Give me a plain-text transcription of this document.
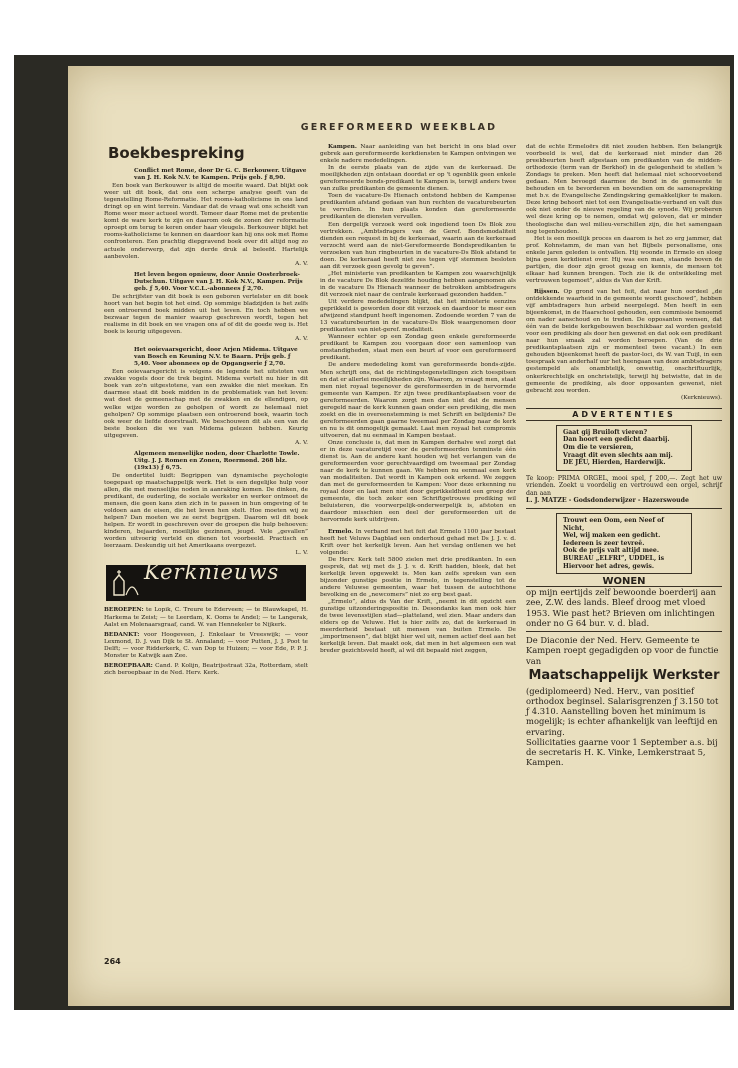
GEREFORMEERD WEEKBLAD
Boekbespreking
Conflict met Rome, door Dr G. C. Berkouwer. Uitgave van J. H. Kok N.V. te Kampen. Prijs geb. ƒ 8,90.

Een boek van Berkouwer is altijd de moeite waard. Dat blijkt ook weer uit dit boek, dat ons een scherpe analyse geeft van de tegenstelling Rome-Reformatie. Het rooms-katholicisme in ons land dringt op en wint terrein. Vandaar dat de vraag wat ons scheidt van Rome weer meer actueel wordt. Temeer daar Rome met de pretentie komt de ware kerk te zijn en daarom ook de zonen der reformatie oproept om terug te keren onder haar vleugels. Berkouwer blijkt het rooms-katholicisme te kennen en daardoor kan hij ons ook met Rome confronteren. Een prachtig diepgravend boek over dit altijd nog zo actuele onderwerp, dat zijn derde druk al beleefd. Hartelijk aanbevolen.

A. V.
Het leven begon opnieuw, door Annie Oosterbroek-Dutschun. Uitgave van J. H. Kok N.V., Kampen. Prijs geb. ƒ 5,40. Voor V.C.L.-abonnees ƒ 2,70.

De schrijfster van dit boek is een geboren vertelster en dit boek hoort van het begin tot het eind. Op sommige bladzijden is het zelfs een ontroerend boek midden uit het leven. En toch hebben we bezwaar tegen de manier waarop geschreven wordt, tegen het realisme in dit boek en we vragen ons af of dit de goede weg is. Het boek is keurig uitgegeven.

A. V.
Het ooievaarsgericht, door Arjen Midema. Uitgave van Bosch en Keuning N.V. te Baarn. Prijs geb. ƒ 5,40. Voor abonnees op de Opgangserie ƒ 2,70.

Een ooievaarsgericht is volgens de legende het uitstoten van zwakke vogels door de trek begint. Midema vertelt nu hier in dit boek van zo'n uitgestotene, van een zwakke die niet meekan. En daarmee staat dit boek midden in de problematiek van het leven: wat doet de gemeenschap met de zwakken en de ellendigen, op welke wijze worden ze geholpen of wordt ze helemaal niet geholpen? Op sommige plaatsen een ontroerend boek, waarin toch ook weer de liefde doorstraalt. We beschouwen dit als een van de beste boeken die we van Midema gelezen hebben. Keurig uitgegeven.

A. V.
Algemeen menselijke noden, door Charlotte Towle. Uitg. J. J. Romen en Zonen, Roermond. 268 blz. (19x13) ƒ 6,75.

De ondertitel luidt: Begrippen van dynamische psychologie toegepast op maatschappelijk werk. Het is een degelijke hulp voor allen, die met menselijke noden in aanraking komen. De dinken, de predikant, de ouderling, de sociale werkster en werker ontmoet de mensen, die geen kans zien zich in te passen in hun omgeving of te voldoen aan de eisen, die het leven hen stelt. Hoe moeten wij ze helpen? Dan moeten we ze eerst begrijpen. Daarom wil dit boek helpen. Er wordt in geschreven over de groepen die hulp behoeven: kinderen, bejaarden, moeilijke gezinnen, jeugd. Vele „gevallen” worden uitvoerig verteld en dienen tot voorbeeld. Practisch en leerzaam. Deskundig uit het Amerikaans overgezet.

L. V.
Kerknieuws
BEROEPEN: te Lopik, C. Treure te Ederveen; — te Blauwkapel, H. Harkema te Zeist; — te Leerdam, K. Ooms te Andel; — te Langerak, Aalst en Molenaarsgraaf, cand. W. van Hennekeler te Nijkerk.
BEDANKT: voor Hoogeveen, J. Enkelaar te Vreeswijk; — voor Lexmond, D. J. van Dijk te St. Annaland; — voor Putten, J. J. Poot te Delft; — voor Ridderkerk, C. van Dop te Huizen; — voor Ede, P. P. J. Monster te Katwijk aan Zee.
BEROEPBAAR: Cand. P. Kolijn, Beatrijsstraat 32a, Rotterdam, stelt zich beroepbaar in de Ned. Herv. Kerk.

Kampen. Naar aanleiding van het bericht in ons blad over gebrek aan gereformeerde kerkdiensten te Kampen ontvingen we enkele nadere mededelingen.

In de eerste plaats van de zijde van de kerkeraad. De moeilijkheden zijn ontstaan doordat er op 't ogenblik geen enkele gereformeerde bonds-predikant te Kampen is, terwijl anders twee van zulke predikanten de gemeente dienen.

Toen de vacature-Ds Hienach ontstond hebben de Kampense predikanten afstand gedaan van hun rechten de vacaturebeurten te vervullen. In hun plaats konden dan gereformeerde predikanten de diensten vervullen.

Een dergelijk verzoek werd ook ingediend toen Ds Blok zou vertrekken. „Ambtsdragers van de Geref. Bondsmodaliteit dienden een request in bij de kerkeraad, waarin aan de kerkeraad verzocht werd aan de niet-Gereformeerde Bondspredikanten te verzoeken van hun ringbeurten in de vacature-Ds Blok afstand te doen. De kerkeraad heeft niet zes tegen vijf stemmen besloten aan dit verzoek geen gevolg te geven”.

„Het ministerie van predikanten te Kampen zou waarschijnlijk in de vacature Ds Blok dezelfde houding hebben aangenomen als in de vacature Ds Hienach wanneer de betrokken ambtsdragers dit verzoek niet naar de centrale kerkeraad gezonden hadden.”

Uit verdere mededelingen blijkt, dat het ministerie eenzins geprikkeld is geworden door dit verzoek en daardoor te meer een afwijzend standpunt heeft ingenomen. Zodoende worden 7 van de 13 vacaturebeurten in de vacature-Ds Blok waargenomen door predikanten van niet-geref. modaliteit.

Wanneer echter op een Zondag geen enkele gereformeerde predikant te Kampen zou voorgaan door een samenloop van omstandigheden, staat men een beurt af voor een gereformeerd predikant.

De andere mededeling komt van gereformeerde bonds-zijde. Men schrijft ons, dat de richtingstegenstellingen zich toespitsen en dat er allerlei moeilijkheden zijn. Waarom, zo vraagt men, staat men niet royaal tegenover de gereformeerden in de hervormde gemeente van Kampen. Er zijn twee predikantsplaatsen voor de gereformeerden. Waarom zorgt men dan niet dat de mensen geregeld naar de kerk kunnen gaan onder een prediking, die men zoekt en die in overeenstemming is met Schrift en belijdenis? De gereformeerden gaan gaarne tweemaal per Zondag naar de kerk en nu is dit onmogelijk gemaakt. Laat men royaal het compromis uitvoeren, dat nu eenmaal in Kampen bestaat.

Onze conclusie is, dat men in Kampen derhalve wel zorgt dat er in deze vacaturetijd voor de gereformeerden tenminste één dienst is. Aan de andere kant houden wij het verlangen van de gereformeerden voor gerechtvaardigd om tweemaal per Zondag naar de kerk te kunnen gaan. We hebben nu eenmaal een kerk van modaliteiten. Dat wordt in Kampen ook erkend. We zeggen dan met de gereformeerden te Kampen: Voor deze erkenning nu royaal door en laat men niet door geprikkeldheid een groep der gemeente, die toch zeker een Schriftgetrouwe prediking wil beluisteren, die voorwerpelijk-onderwerpelijk is, afstoten en daardoor misschien een deel der gereformeerden uit de hervormde kerk uitdrijven.

Ermelo. In verband met het feit dat Ermelo 1100 jaar bestaat heeft het Veluws Dagblad een onderhoud gehad met Ds J. J. v. d. Krift over het kerkelijk leven. Aan het verslag ontlenen we het volgende:

De Herv. Kerk telt 5800 zielen met drie predikanten. In een gesprek, dat wij met ds J. J. v. d. Krift hadden, bleek, dat het kerkelijk leven opgewekt is. Men kan zelfs spreken van een bijzonder gunstige positie in Ermelo, in tegenstelling tot de andere Veluwse gemeenten, waar het tussen de autochthone bevolking en de „newcomers” niet zo erg best gaat.

„Ermelo”, aldus ds Van der Krift, „neemt in dit opzicht een gunstige uitzonderingspositie in. Desondanks kan men ook hier de twee levensstijlen stad—platteland, wel zien. Maar anders dan elders op de Veluwe. Het is hier zelfs zo, dat de kerkeraad in meerderheid bestaat uit mensen van buiten Ermelo. De „importmensen”, dat blijkt hier wel uit, nemen actief deel aan het kerkelijk leven. Dat maakt ook, dat men in het algemeen een wat breder gezichtsveld heeft, al wil dit bepaald niet zeggen,

dat de echte Ermeloërs dit niet zouden hebben. Een belangrijk voorbeeld is wel, dat de kerkeraad niet minder dan 26 preekbeurten heeft afgestaan om predikanten van de midden-orthodoxie (term van dr Berkhof) in de gelegenheid te stellen 's Zondags te preken. Men heeft dat helemaal niet schoorvoetend gedaan. Men bevoegd daarmee de bond in de gemeente te behouden en te bevorderen en bovendien om de samenspreking met b.v. de Evangelische Zendingskring gemakkelijker te maken. Deze kring behoort niet tot een Evangelisatie-verband en valt dus ook niet onder de nieuwe regeling van de synode. Wij proberen wel deze kring op te nemen, omdat wij geloven, dat er minder theologische dan wel milieu-verschillen zijn, die het samengaan nog tegenhouden.

Het is een moeilijk proces en daarom is het zo erg jammer, dat prof. Kohnstamm, de man van het Bijbels personalisme, ons enkele jaren geleden is ontvallen. Hij woonde in Ermelo en sloeg bijna geen kerkdienst over. Hij was een man, staande boven de partijen, die door zijn groot gezag en kennis, de mensen tot elkaar had kunnen brengen. Toch zie ik de ontwikkeling met vertrouwen tegemoet”, aldus ds Van der Krift.

Rijssen. Op grond van het feit, dat naar hun oordeel „de ontdekkende waarheid in de gemeente wordt geschowd”, hebben vijf ambtsdragers hun arbeid neergelegd. Men heeft in een bijeenkomst, in de Haarschool gehouden, een commissie benoemd om nader aanschoud en te treden. De opposanten wensen, dat één van de beide kerkgebouwen beschikbaar zal worden gesteld voor een prediking als door hen gewenst en dat ook een predikant naar hun smaak zal worden beroepen. (Van de drie predikantsplaatsen zijn er momenteel twee vacant.) In een gehouden bijeenkomst heeft de pastor-loci, ds W. van Tuijl, in een toespraak van anderhalf uur het heengaan van deze ambtsdragers gestempeld als onambtelijk, onwettig, onschriftuurlijk, onkerkrechtelijk en onchristelijk, terwijl hij betwistte, dat in de gemeente de prediking, als door opposanten gewenst, niet gebracht zou worden.

(Kerknieuws).
ADVERTENTIES
Gaat gij Bruiloft vieren?
Dan hoort een gedicht daarbij.
Om die te versieren,
Vraagt dit even slechts aan mij.
DE JEU, Hierden, Harderwijk.
Te koop: PRIMA ORGEL, mooi spel, ƒ 200,—. Zegt het uw vrienden. Zoekt u voordelig en vertrouwd een orgel, schrijf dan aan
L. J. MATZE - Godsdonderwijzer - Hazerswoude
Trouwt een Oom, een Neef of Nicht,
Wel, wij maken een gedicht.
Iedereen is zeer tevreê.
Ook de prijs valt altijd mee.
BUREAU „ELFRI”, UDDEL, is
Hiervoor het adres, gewis.
WONEN
op mijn eertijds zelf bewoonde boerderij aan zee, Z.W. des lands. Bleef droog met vloed 1953. Wie past het? Brieven om inlichtingen onder no G 64 bur. v. d. blad.
De Diaconie der Ned. Herv. Gemeente te Kampen roept gegadigden op voor de functie van
Maatschappelijk Werkster
(gediplomeerd) Ned. Herv., van positief orthodox beginsel. Salarisgrenzen ƒ 3.150 tot ƒ 4.310. Aanstelling boven het minimum is mogelijk; is echter afhankelijk van leeftijd en ervaring.
Sollicitaties gaarne voor 1 September a.s. bij de secretaris H. K. Vinke, Lemkerstraat 5, Kampen.
264
